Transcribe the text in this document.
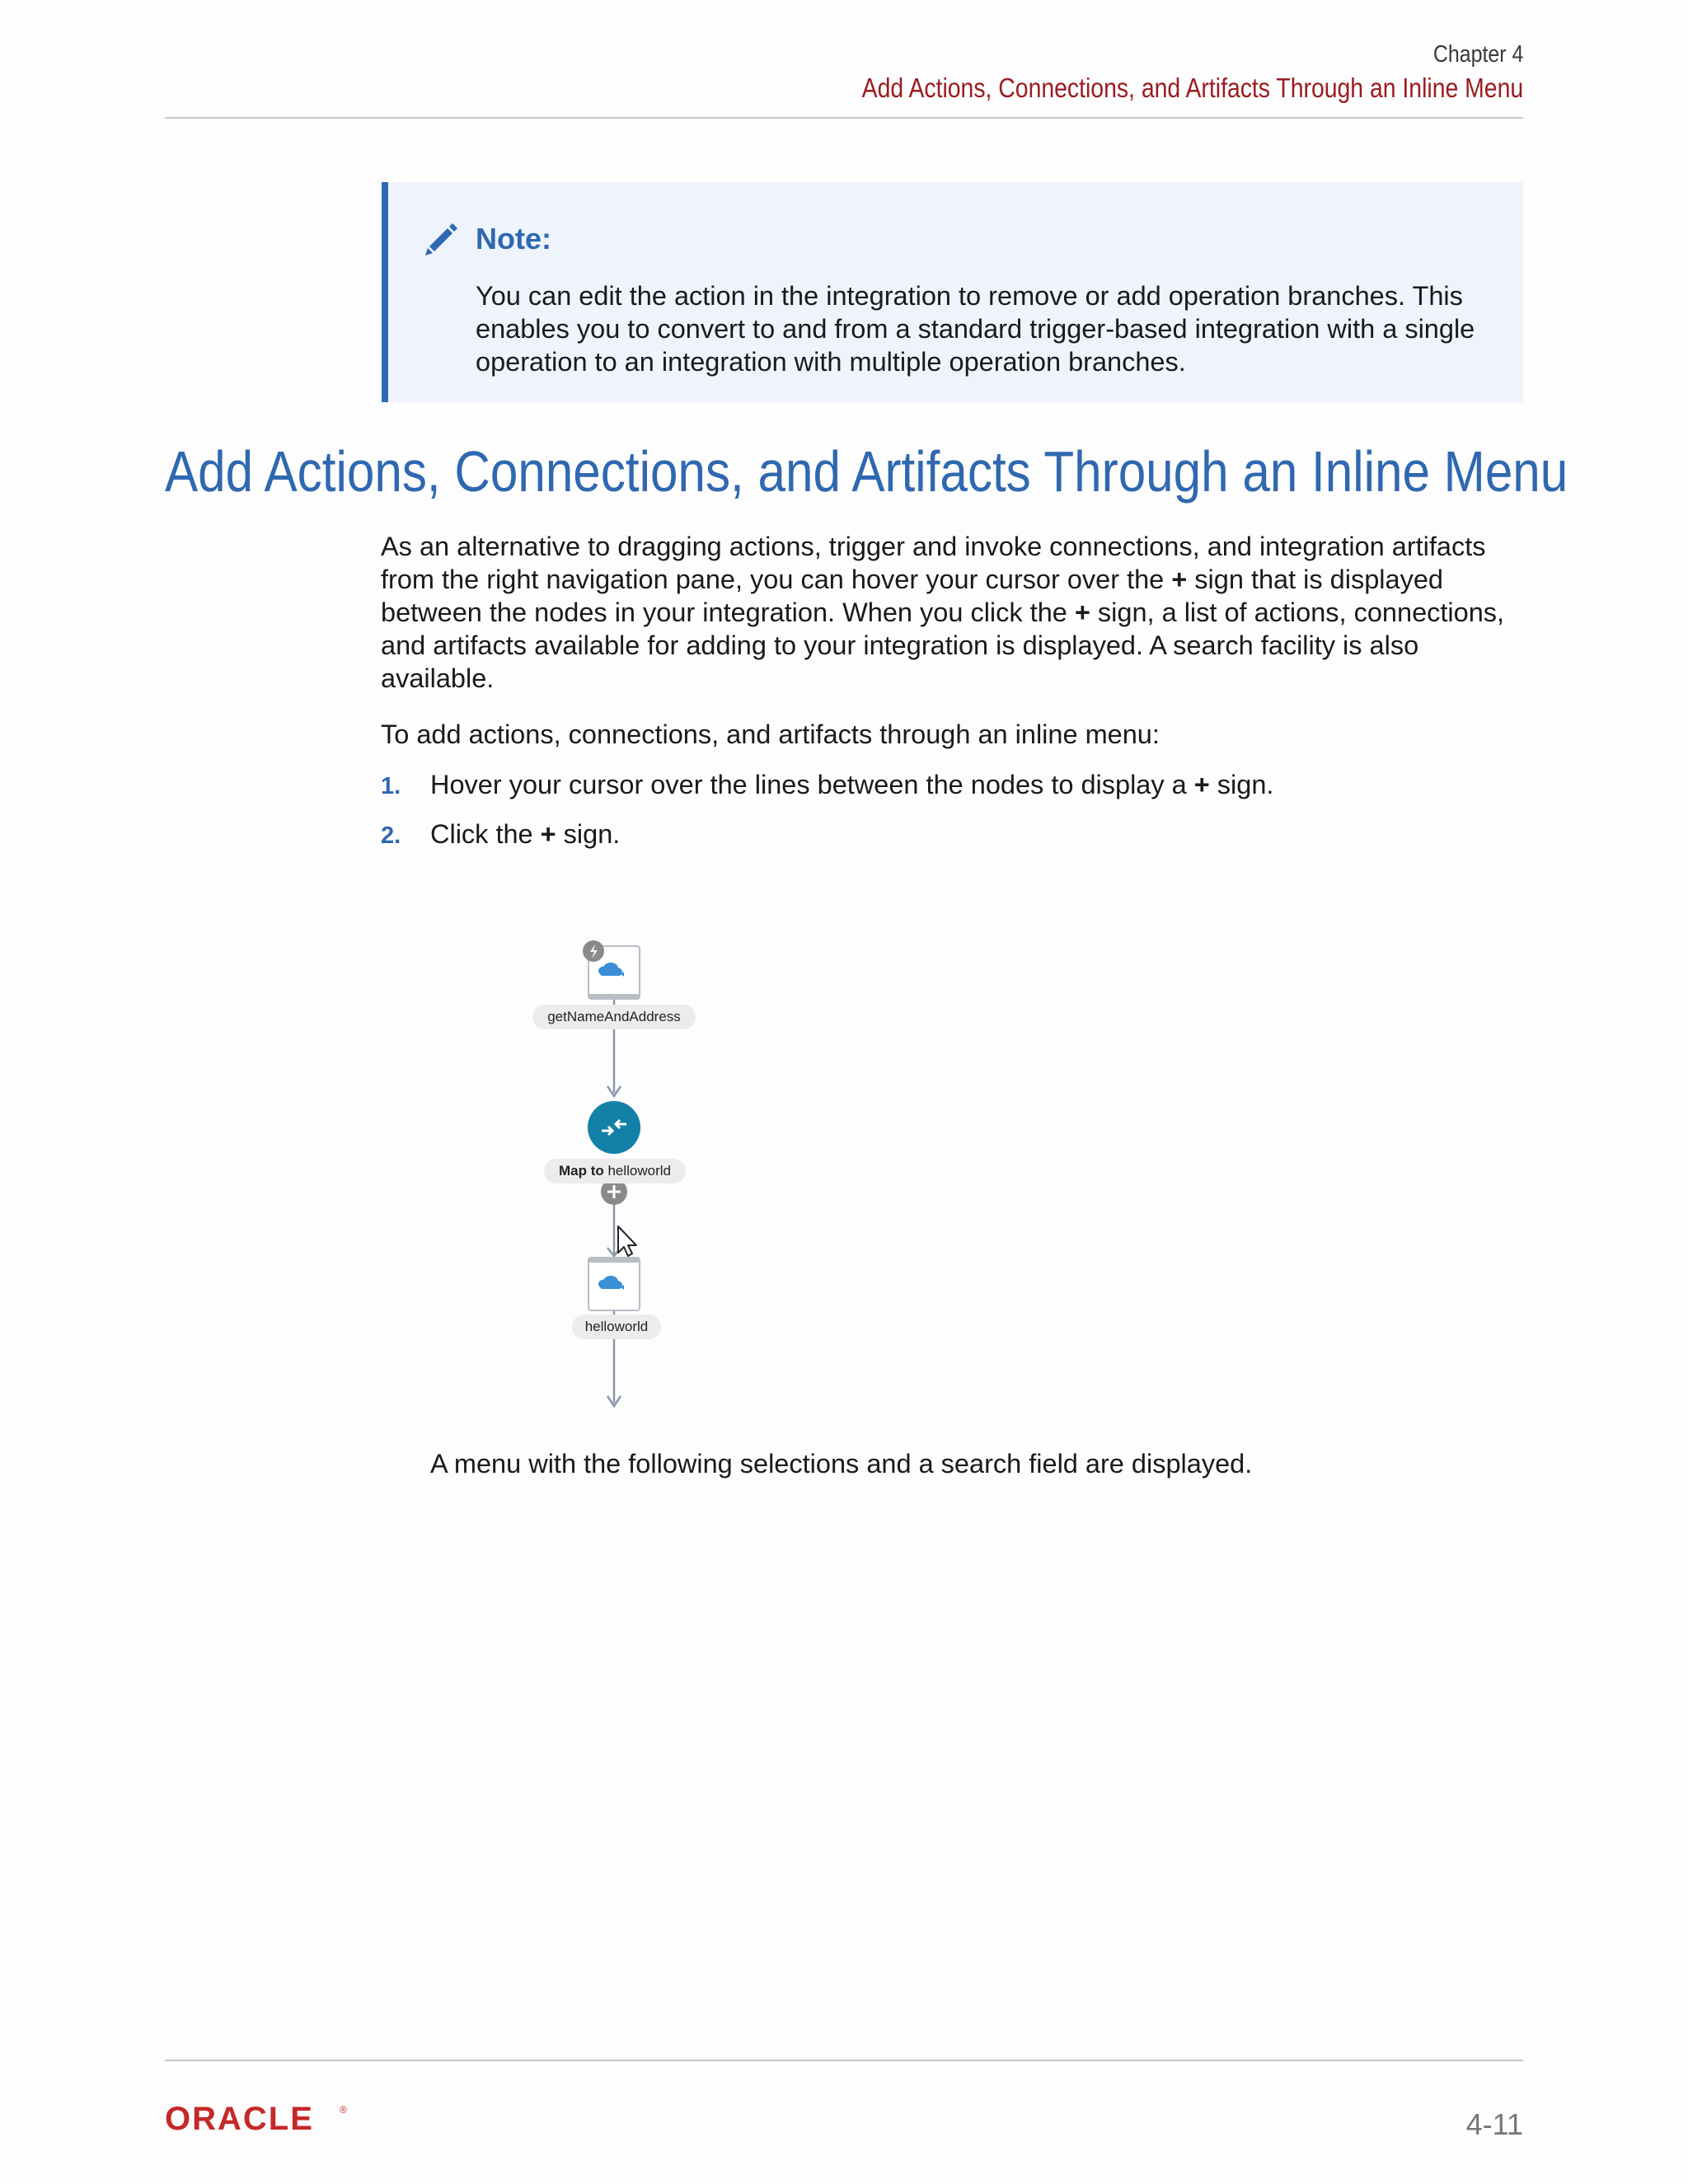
Chapter 4
Add Actions, Connections, and Artifacts Through an Inline Menu
Note:
You can edit the action in the integration to remove or add operation branches. This enables you to convert to and from a standard trigger-based integration with a single operation to an integration with multiple operation branches.
Add Actions, Connections, and Artifacts Through an Inline Menu
As an alternative to dragging actions, trigger and invoke connections, and integration artifacts from the right navigation pane, you can hover your cursor over the + sign that is displayed between the nodes in your integration. When you click the + sign, a list of actions, connections, and artifacts available for adding to your integration is displayed. A search facility is also available.
To add actions, connections, and artifacts through an inline menu:
1. Hover your cursor over the lines between the nodes to display a + sign.
2. Click the + sign.
getNameAndAddress
Map to helloworld
helloworld
A menu with the following selections and a search field are displayed.
ORACLE	®	4-11
